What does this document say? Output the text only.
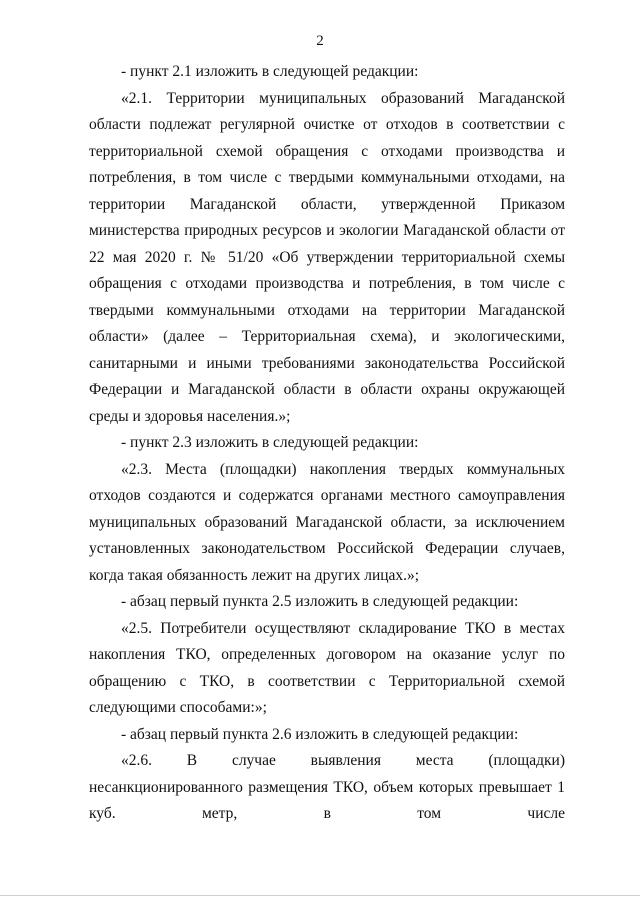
2

- пункт 2.1 изложить в следующей редакции:

«2.1. Территории муниципальных образований Магаданской области подлежат регулярной очистке от отходов в соответствии с территориальной схемой обращения с отходами производства и потребления, в том числе с твердыми коммунальными отходами, на территории Магаданской области, утвержденной Приказом министерства природных ресурсов и экологии Магаданской области от 22 мая 2020 г. № 51/20 «Об утверждении территориальной схемы обращения с отходами производства и потребления, в том числе с твердыми коммунальными отходами на территории Магаданской области» (далее – Территориальная схема), и экологическими, санитарными и иными требованиями законодательства Российской Федерации и Магаданской области в области охраны окружающей среды и здоровья населения.»;

- пункт 2.3 изложить в следующей редакции:

«2.3. Места (площадки) накопления твердых коммунальных отходов создаются и содержатся органами местного самоуправления муниципальных образований Магаданской области, за исключением установленных законодательством Российской Федерации случаев, когда такая обязанность лежит на других лицах.»;

- абзац первый пункта 2.5 изложить в следующей редакции:

«2.5. Потребители осуществляют складирование ТКО в местах накопления ТКО, определенных договором на оказание услуг по обращению с ТКО, в соответствии с Территориальной схемой следующими способами:»;

- абзац первый пункта 2.6 изложить в следующей редакции:

«2.6. В случае выявления места (площадки) несанкционированного размещения ТКО, объем которых превышает 1 куб. метр, в том числе
